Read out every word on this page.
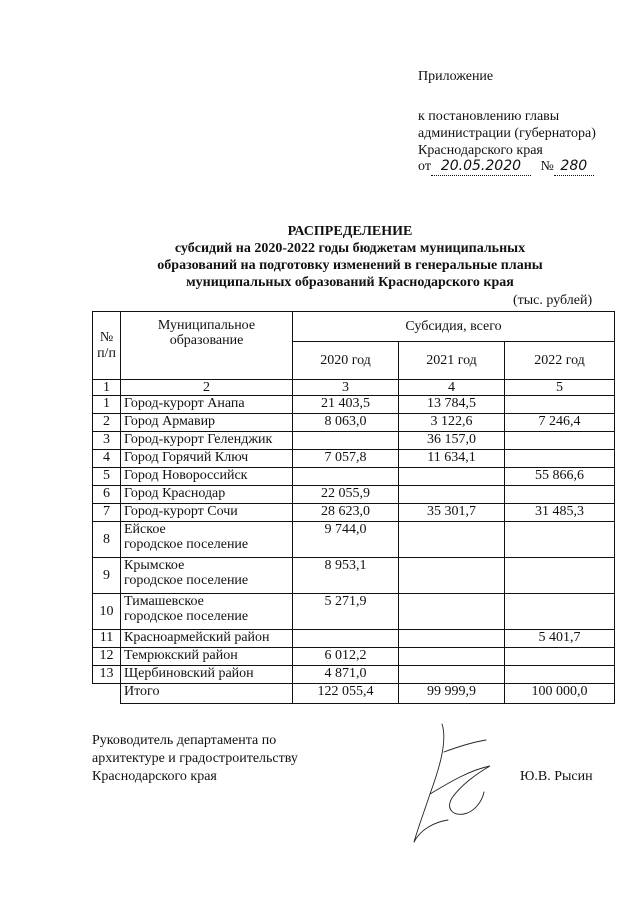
Приложение
к постановлению главы
администрации (губернатора)
Краснодарского края
от 20.05.2020 № 280
РАСПРЕДЕЛЕНИЕ
субсидий на 2020-2022 годы бюджетам муниципальных
образований на подготовку изменений в генеральные планы
муниципальных образований Краснодарского края
(тыс. рублей)
№ п/п	Муниципальное образование	Субсидия, всего		
		2020 год	2021 год	2022 год
1	2	3	4	5
1	Город-курорт Анапа	21 403,5	13 784,5	
2	Город Армавир	8 063,0	3 122,6	7 246,4
3	Город-курорт Геленджик		36 157,0	
4	Город Горячий Ключ	7 057,8	11 634,1	
5	Город Новороссийск			55 866,6
6	Город Краснодар	22 055,9		
7	Город-курорт Сочи	28 623,0	35 301,7	31 485,3
8	Ейское
городское поселение	9 744,0		
9	Крымское
городское поселение	8 953,1		
10	Тимашевское
городское поселение	5 271,9		
11	Красноармейский район			5 401,7
12	Темрюкский район	6 012,2		
13	Щербиновский район	4 871,0		
	Итого	122 055,4	99 999,9	100 000,0
Руководитель департамента по
архитектуре и градостроительству
Краснодарского края	Ю.В. Рысин
